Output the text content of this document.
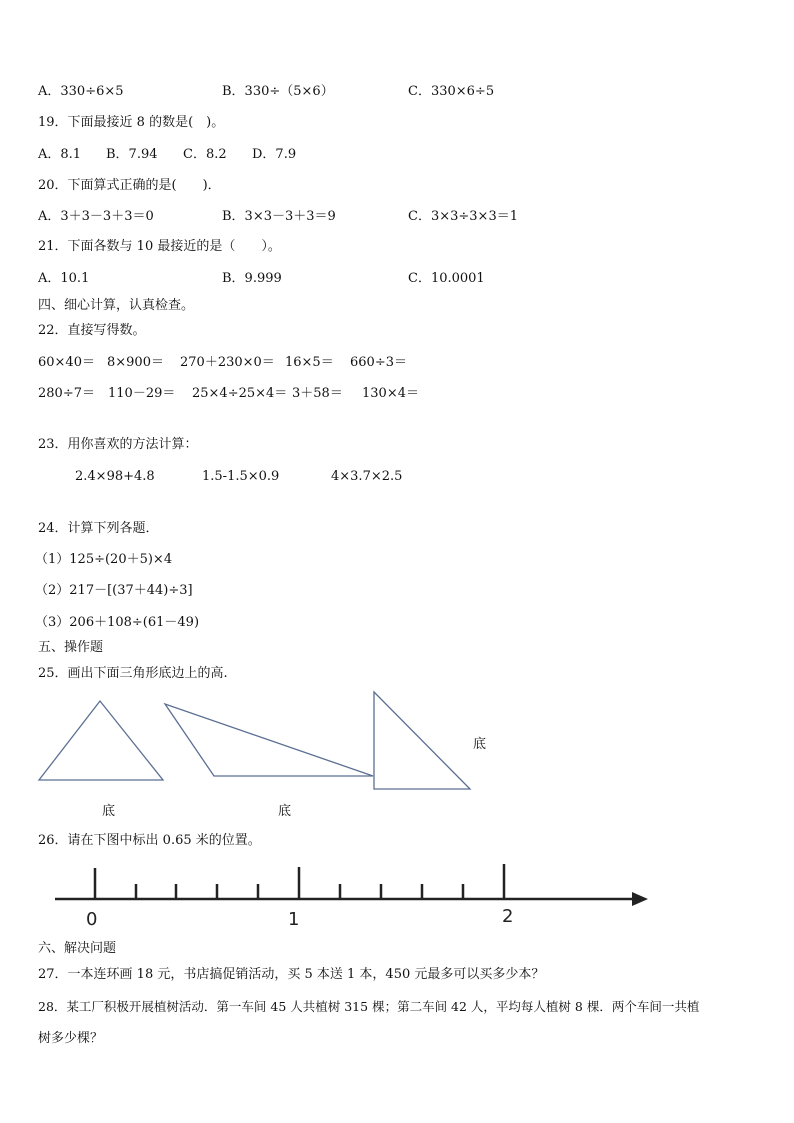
A．330÷6×5	B．330÷（5×6）	C．330×6÷5
19．下面最接近 8 的数是(　)。
A．8.1 B．7.94 C．8.2 D．7.9
20．下面算式正确的是(　　)．
A．3＋3－3＋3＝0	B．3×3－3＋3＝9	C．3×3÷3×3＝1
21．下面各数与 10 最接近的是（　　）。
A．10.1	B．9.999	C．10.0001
四、细心计算，认真检查。
22．直接写得数。
60×40＝ 8×900＝ 270＋230×0＝ 16×5＝ 660÷3＝
280÷7＝ 110－29＝ 25×4÷25×4＝ 3＋58＝ 130×4＝
23．用你喜欢的方法计算：
2.4×98+4.8	1.5-1.5×0.9	4×3.7×2.5
24．计算下列各题．
（1）125÷(20＋5)×4
（2）217－[(37＋44)÷3]
（3）206＋108÷(61－49)
五、操作题
25．画出下面三角形底边上的高.
底	底
底
26．请在下图中标出 0.65 米的位置。
0	1	2
六、解决问题
27．一本连环画 18 元，书店搞促销活动，买 5 本送 1 本，450 元最多可以买多少本？
28．某工厂积极开展植树活动．第一车间 45 人共植树 315 棵；第二车间 42 人，平均每人植树 8 棵．两个车间一共植
树多少棵？
